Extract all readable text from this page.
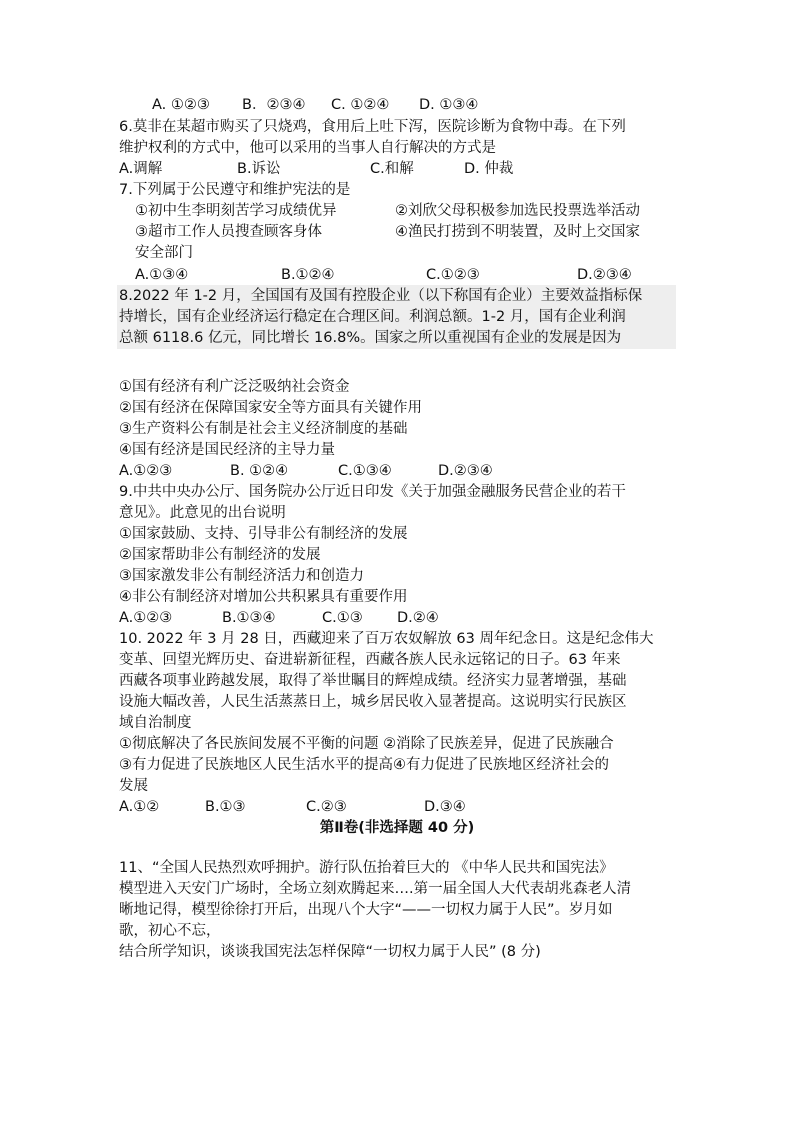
A. ①②③ B．②③④ C. ①②④ D. ①③④
6.莫非在某超市购买了只烧鸡，食用后上吐下泻，医院诊断为食物中毒。在下列
维护权利的方式中，他可以采用的当事人自行解决的方式是
A.调解	B.诉讼	C.和解	D. 仲裁
7.下列属于公民遵守和维护宪法的是
①初中生李明刻苦学习成绩优异	②刘欣父母积极参加选民投票选举活动
③超市工作人员搜查顾客身体	④渔民打捞到不明装置，及时上交国家
安全部门
A.①③④	B.①②④	C.①②③	D.②③④
8.2022 年 1-2 月，全国国有及国有控股企业（以下称国有企业）主要效益指标保
持增长，国有企业经济运行稳定在合理区间。利润总额。1-2 月，国有企业利润
总额 6118.6 亿元，同比增长 16.8%。国家之所以重视国有企业的发展是因为
①国有经济有利广泛泛吸纳社会资金
②国有经济在保障国家安全等方面具有关键作用
③生产资料公有制是社会主义经济制度的基础
④国有经济是国民经济的主导力量
A.①②③	B. ①②④	C.①③④	D.②③④
9.中共中央办公厅、国务院办公厅近日印发《关于加强金融服务民营企业的若干
意见》。此意见的出台说明
①国家鼓励、支持、引导非公有制经济的发展
②国家帮助非公有制经济的发展
③国家激发非公有制经济活力和创造力
④非公有制经济对增加公共积累具有重要作用
A.①②③	B.①③④	C.①③ D.②④
10. 2022 年 3 月 28 日，西藏迎来了百万农奴解放 63 周年纪念日。这是纪念伟大
变革、回望光辉历史、奋进崭新征程，西藏各族人民永远铭记的日子。63 年来
西藏各项事业跨越发展，取得了举世瞩目的辉煌成绩。经济实力显著增强，基础
设施大幅改善，人民生活蒸蒸日上，城乡居民收入显著提高。这说明实行民族区
域自治制度
①彻底解决了各民族间发展不平衡的问题 ②消除了民族差异，促进了民族融合
③有力促进了民族地区人民生活水平的提高④有力促进了民族地区经济社会的
发展
A.①②	B.①③	C.②③	D.③④
第Ⅱ卷(非选择题 40 分)
11、“全国人民热烈欢呼拥护。游行队伍抬着巨大的 《中华人民共和国宪法》
模型进入天安门广场时，全场立刻欢腾起来….第一届全国人大代表胡兆森老人清
晰地记得，模型徐徐打开后，出现八个大字“——一切权力属于人民”。岁月如
歌，初心不忘，
结合所学知识，谈谈我国宪法怎样保障“一切权力属于人民” (8 分)
